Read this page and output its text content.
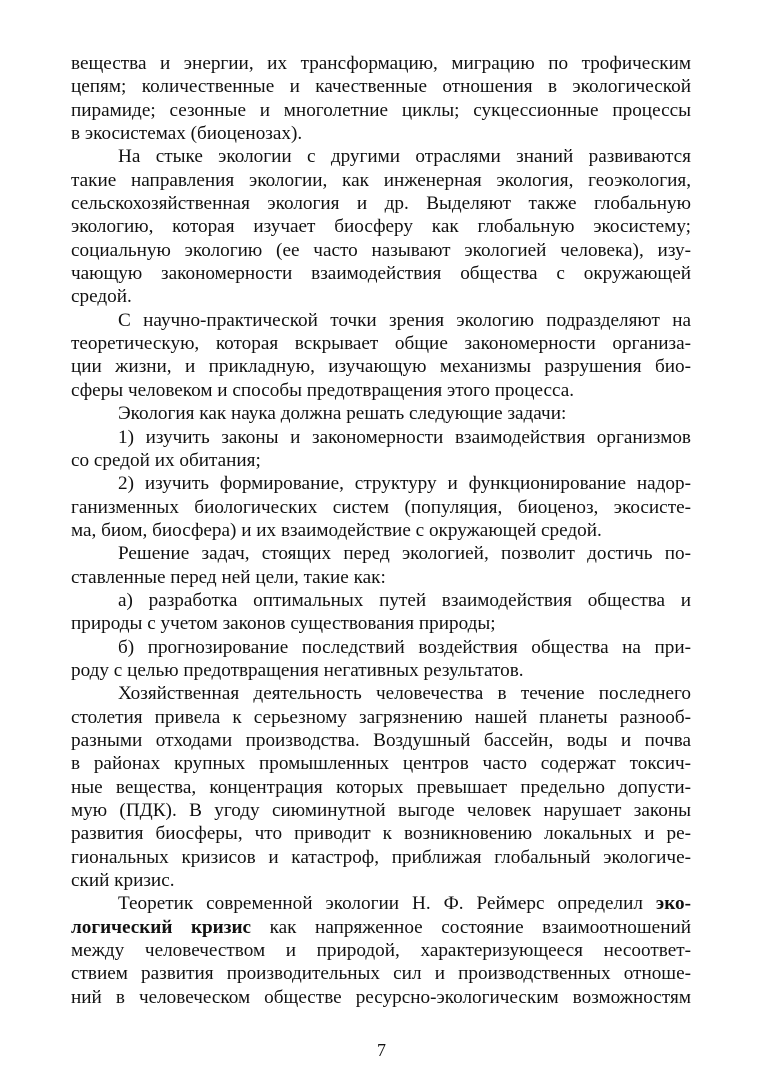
вещества и энергии, их трансформацию, миграцию по трофическим
цепям; количественные и качественные отношения в экологической
пирамиде; сезонные и многолетние циклы; сукцессионные процессы
в экосистемах (биоценозах).
На стыке экологии с другими отраслями знаний развиваются
такие направления экологии, как инженерная экология, геоэкология,
сельскохозяйственная экология и др. Выделяют также глобальную
экологию, которая изучает биосферу как глобальную экосистему;
социальную экологию (ее часто называют экологией человека), изу-
чающую закономерности взаимодействия общества с окружающей
средой.
С научно-практической точки зрения экологию подразделяют на
теоретическую, которая вскрывает общие закономерности организа-
ции жизни, и прикладную, изучающую механизмы разрушения био-
сферы человеком и способы предотвращения этого процесса.
Экология как наука должна решать следующие задачи:
1) изучить законы и закономерности взаимодействия организмов
со средой их обитания;
2) изучить формирование, структуру и функционирование надор-
ганизменных биологических систем (популяция, биоценоз, экосисте-
ма, биом, биосфера) и их взаимодействие с окружающей средой.
Решение задач, стоящих перед экологией, позволит достичь по-
ставленные перед ней цели, такие как:
а) разработка оптимальных путей взаимодействия общества и
природы с учетом законов существования природы;
б) прогнозирование последствий воздействия общества на при-
роду с целью предотвращения негативных результатов.
Хозяйственная деятельность человечества в течение последнего
столетия привела к серьезному загрязнению нашей планеты разнооб-
разными отходами производства. Воздушный бассейн, воды и почва
в районах крупных промышленных центров часто содержат токсич-
ные вещества, концентрация которых превышает предельно допусти-
мую (ПДК). В угоду сиюминутной выгоде человек нарушает законы
развития биосферы, что приводит к возникновению локальных и ре-
гиональных кризисов и катастроф, приближая глобальный экологиче-
ский кризис.
Теоретик современной экологии Н. Ф. Реймерс определил эко-
логический кризис как напряженное состояние взаимоотношений
между человечеством и природой, характеризующееся несоответ-
ствием развития производительных сил и производственных отноше-
ний в человеческом обществе ресурсно-экологическим возможностям
7
